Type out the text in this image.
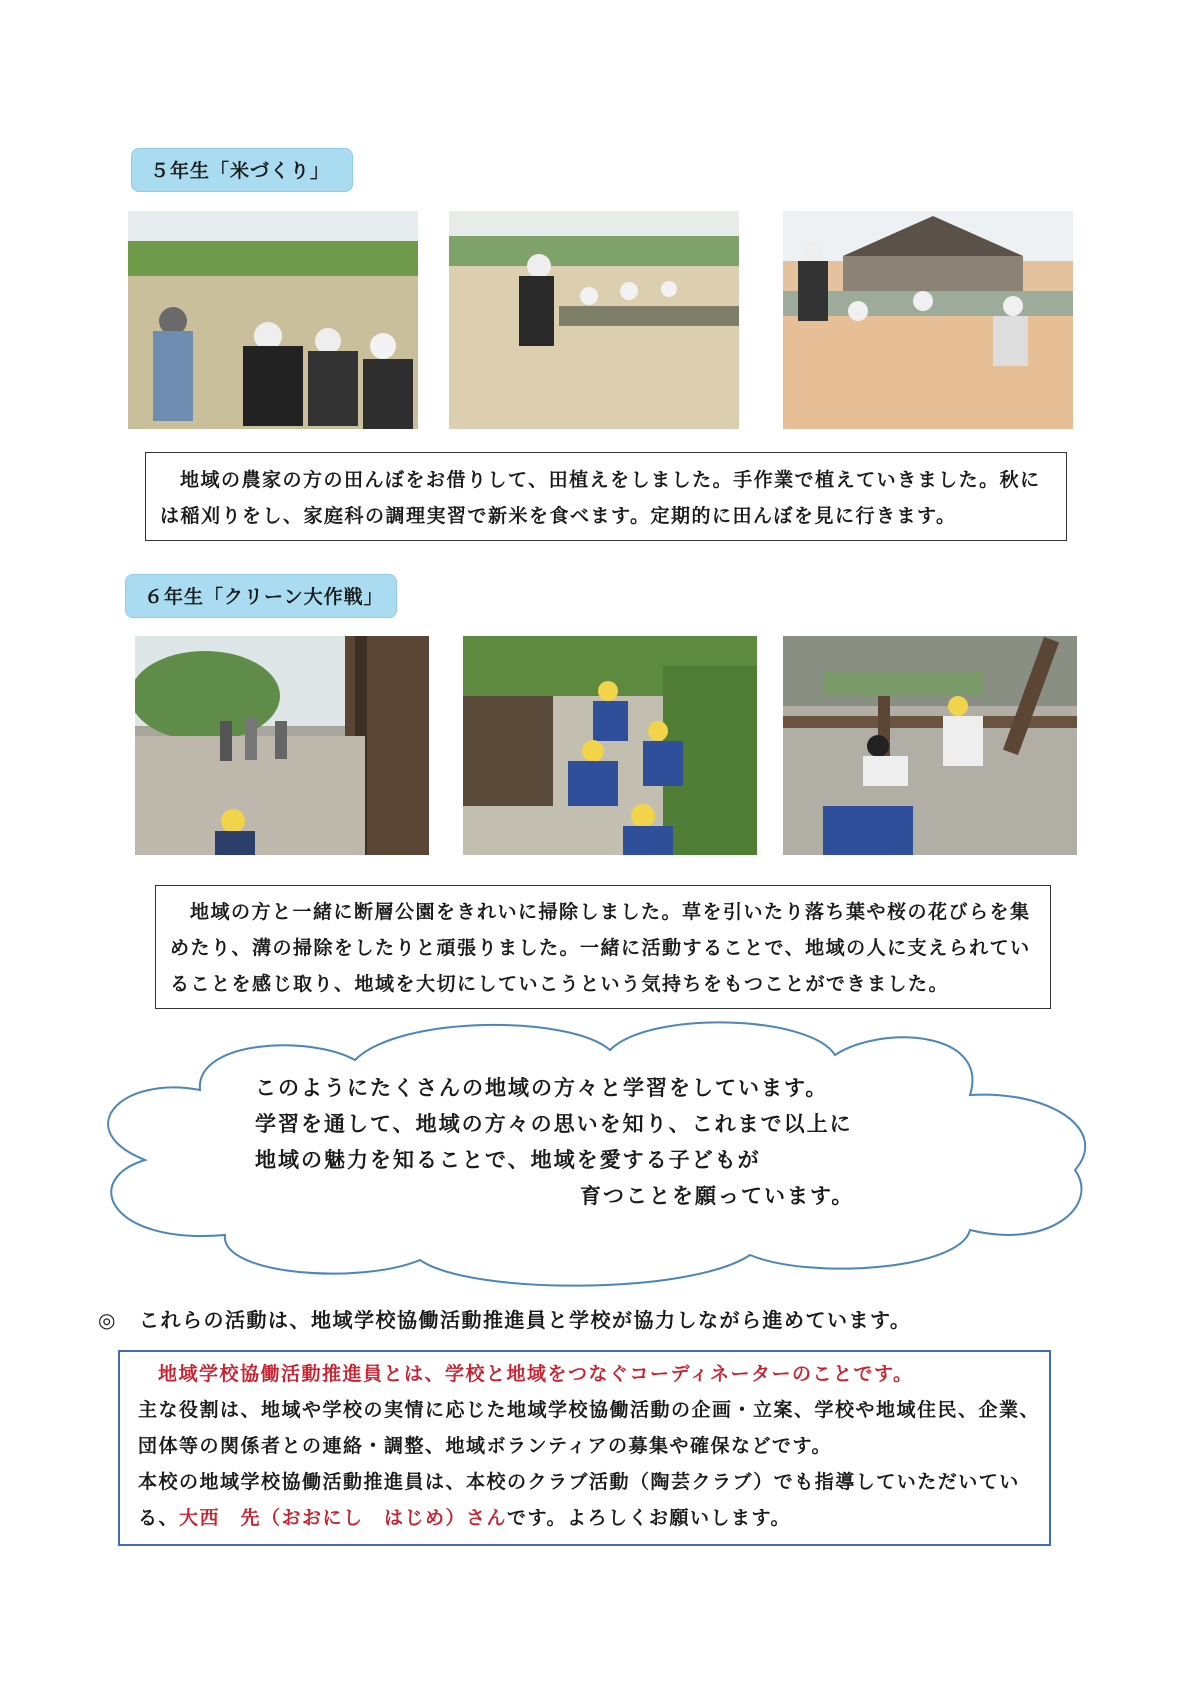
５年生「米づくり」

地域の農家の方の田んぼをお借りして、田植えをしました。手作業で植えていきました。秋には稲刈りをし、家庭科の調理実習で新米を食べます。定期的に田んぼを見に行きます。

６年生「クリーン大作戦」

地域の方と一緒に断層公園をきれいに掃除しました。草を引いたり落ち葉や桜の花びらを集めたり、溝の掃除をしたりと頑張りました。一緒に活動することで、地域の人に支えられていることを感じ取り、地域を大切にしていこうという気持ちをもつことができました。

このようにたくさんの地域の方々と学習をしています。
学習を通して、地域の方々の思いを知り、これまで以上に
地域の魅力を知ることで、地域を愛する子どもが
育つことを願っています。
◎ これらの活動は、地域学校協働活動推進員と学校が協力しながら進めています。

地域学校協働活動推進員とは、学校と地域をつなぐコーディネーターのことです。

主な役割は、地域や学校の実情に応じた地域学校協働活動の企画・立案、学校や地域住民、企業、団体等の関係者との連絡・調整、地域ボランティアの募集や確保などです。

本校の地域学校協働活動推進員は、本校のクラブ活動（陶芸クラブ）でも指導していただいている、大西　先（おおにし　はじめ）さんです。よろしくお願いします。
